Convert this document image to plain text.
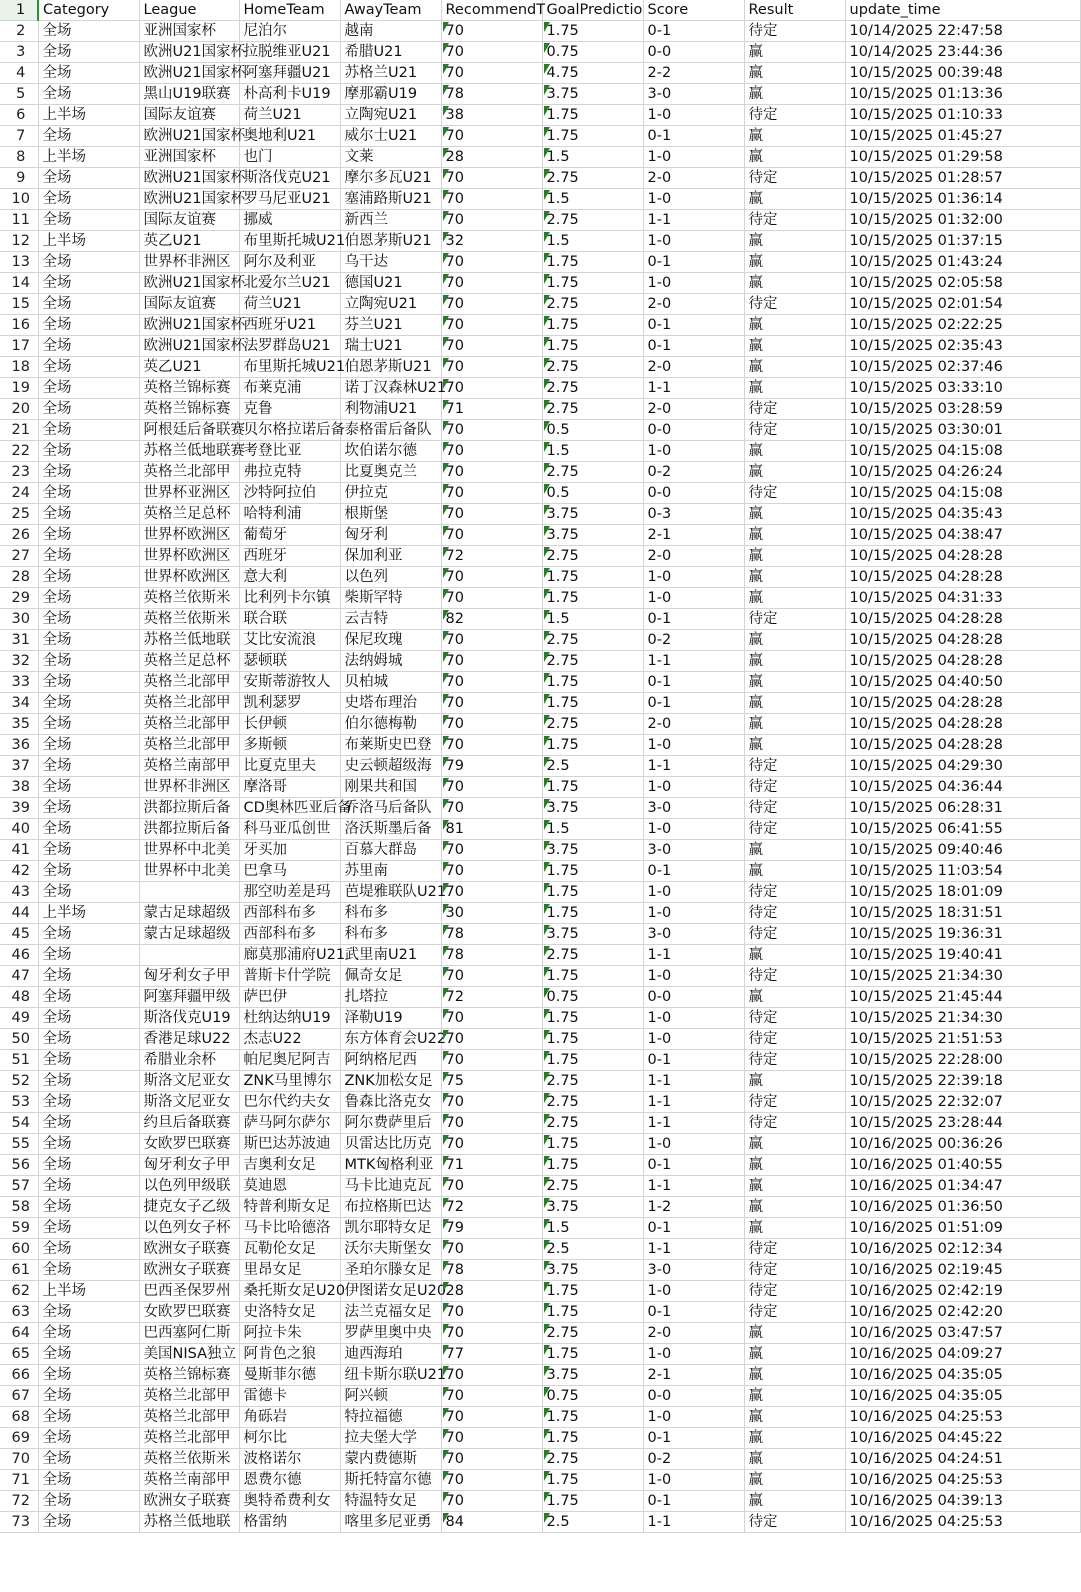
1	Category	League	HomeTeam	AwayTeam	RecommendT	GoalPredictio	Score	Result	update_time
2	全场	亚洲国家杯	尼泊尔	越南	70	1.75	0-1	待定	10/14/2025 22:47:58
3	全场	欧洲U21国家杯	拉脱维亚U21	希腊U21	70	0.75	0-0	赢	10/14/2025 23:44:36
4	全场	欧洲U21国家杯	阿塞拜疆U21	苏格兰U21	70	4.75	2-2	赢	10/15/2025 00:39:48
5	全场	黑山U19联赛	朴高利卡U19	摩那霸U19	78	3.75	3-0	赢	10/15/2025 01:13:36
6	上半场	国际友谊赛	荷兰U21	立陶宛U21	38	1.75	1-0	待定	10/15/2025 01:10:33
7	全场	欧洲U21国家杯	奥地利U21	威尔士U21	70	1.75	0-1	赢	10/15/2025 01:45:27
8	上半场	亚洲国家杯	也门	文莱	28	1.5	1-0	赢	10/15/2025 01:29:58
9	全场	欧洲U21国家杯	斯洛伐克U21	摩尔多瓦U21	70	2.75	2-0	待定	10/15/2025 01:28:57
10	全场	欧洲U21国家杯	罗马尼亚U21	塞浦路斯U21	70	1.5	1-0	赢	10/15/2025 01:36:14
11	全场	国际友谊赛	挪威	新西兰	70	2.75	1-1	待定	10/15/2025 01:32:00
12	上半场	英乙U21	布里斯托城U21	伯恩茅斯U21	32	1.5	1-0	赢	10/15/2025 01:37:15
13	全场	世界杯非洲区	阿尔及利亚	乌干达	70	1.75	0-1	赢	10/15/2025 01:43:24
14	全场	欧洲U21国家杯	北爱尔兰U21	德国U21	70	1.75	1-0	赢	10/15/2025 02:05:58
15	全场	国际友谊赛	荷兰U21	立陶宛U21	70	2.75	2-0	待定	10/15/2025 02:01:54
16	全场	欧洲U21国家杯	西班牙U21	芬兰U21	70	1.75	0-1	赢	10/15/2025 02:22:25
17	全场	欧洲U21国家杯	法罗群岛U21	瑞士U21	70	1.75	0-1	赢	10/15/2025 02:35:43
18	全场	英乙U21	布里斯托城U21	伯恩茅斯U21	70	2.75	2-0	赢	10/15/2025 02:37:46
19	全场	英格兰锦标赛	布莱克浦	诺丁汉森林U21	70	2.75	1-1	赢	10/15/2025 03:33:10
20	全场	英格兰锦标赛	克鲁	利物浦U21	71	2.75	2-0	待定	10/15/2025 03:28:59
21	全场	阿根廷后备联赛	贝尔格拉诺后备	泰格雷后备队	70	0.5	0-0	待定	10/15/2025 03:30:01
22	全场	苏格兰低地联赛	考登比亚	坎伯诺尔德	70	1.5	1-0	赢	10/15/2025 04:15:08
23	全场	英格兰北部甲	弗拉克特	比夏奥克兰	70	2.75	0-2	赢	10/15/2025 04:26:24
24	全场	世界杯亚洲区	沙特阿拉伯	伊拉克	70	0.5	0-0	待定	10/15/2025 04:15:08
25	全场	英格兰足总杯	哈特利浦	根斯堡	70	3.75	0-3	赢	10/15/2025 04:35:43
26	全场	世界杯欧洲区	葡萄牙	匈牙利	70	3.75	2-1	赢	10/15/2025 04:38:47
27	全场	世界杯欧洲区	西班牙	保加利亚	72	2.75	2-0	赢	10/15/2025 04:28:28
28	全场	世界杯欧洲区	意大利	以色列	70	1.75	1-0	赢	10/15/2025 04:28:28
29	全场	英格兰依斯米	比利列卡尔镇	柴斯罕特	70	1.75	1-0	赢	10/15/2025 04:31:33
30	全场	英格兰依斯米	联合联	云吉特	82	1.5	0-1	待定	10/15/2025 04:28:28
31	全场	苏格兰低地联	艾比安流浪	保尼玫瑰	70	2.75	0-2	赢	10/15/2025 04:28:28
32	全场	英格兰足总杯	瑟顿联	法纳姆城	70	2.75	1-1	赢	10/15/2025 04:28:28
33	全场	英格兰北部甲	安斯蒂游牧人	贝柏城	70	1.75	0-1	赢	10/15/2025 04:40:50
34	全场	英格兰北部甲	凯利瑟罗	史塔布理治	70	1.75	0-1	赢	10/15/2025 04:28:28
35	全场	英格兰北部甲	长伊顿	伯尔德梅勒	70	2.75	2-0	赢	10/15/2025 04:28:28
36	全场	英格兰北部甲	多斯顿	布莱斯史巴登	70	1.75	1-0	赢	10/15/2025 04:28:28
37	全场	英格兰南部甲	比夏克里夫	史云顿超级海	79	2.5	1-1	待定	10/15/2025 04:29:30
38	全场	世界杯非洲区	摩洛哥	刚果共和国	70	1.75	1-0	待定	10/15/2025 04:36:44
39	全场	洪都拉斯后备	CD奥林匹亚后备	乔洛马后备队	70	3.75	3-0	待定	10/15/2025 06:28:31
40	全场	洪都拉斯后备	科马亚瓜创世	洛沃斯墨后备	81	1.5	1-0	待定	10/15/2025 06:41:55
41	全场	世界杯中北美	牙买加	百慕大群岛	70	3.75	3-0	赢	10/15/2025 09:40:46
42	全场	世界杯中北美	巴拿马	苏里南	70	1.75	0-1	赢	10/15/2025 11:03:54
43	全场		那空叻差是玛	芭堤雅联队U21	70	1.75	1-0	待定	10/15/2025 18:01:09
44	上半场	蒙古足球超级	西部科布多	科布多	30	1.75	1-0	待定	10/15/2025 18:31:51
45	全场	蒙古足球超级	西部科布多	科布多	78	3.75	3-0	待定	10/15/2025 19:36:31
46	全场		廊莫那浦府U21	武里南U21	78	2.75	1-1	赢	10/15/2025 19:40:41
47	全场	匈牙利女子甲	普斯卡什学院	佩奇女足	70	1.75	1-0	待定	10/15/2025 21:34:30
48	全场	阿塞拜疆甲级	萨巴伊	扎塔拉	72	0.75	0-0	赢	10/15/2025 21:45:44
49	全场	斯洛伐克U19	杜纳达纳U19	泽勒U19	70	1.75	1-0	待定	10/15/2025 21:34:30
50	全场	香港足球U22	杰志U22	东方体育会U22	70	1.75	1-0	待定	10/15/2025 21:51:53
51	全场	希腊业余杯	帕尼奥尼阿吉	阿纳格尼西	70	1.75	0-1	待定	10/15/2025 22:28:00
52	全场	斯洛文尼亚女	ZNK马里博尔	ZNK加松女足	75	2.75	1-1	赢	10/15/2025 22:39:18
53	全场	斯洛文尼亚女	巴尔代约夫女	鲁森比洛克女	70	2.75	1-1	待定	10/15/2025 22:32:07
54	全场	约旦后备联赛	萨马阿尔萨尔	阿尔费萨里后	70	2.75	1-1	待定	10/15/2025 23:28:44
55	全场	女欧罗巴联赛	斯巴达苏波迪	贝雷达比历克	70	1.75	1-0	赢	10/16/2025 00:36:26
56	全场	匈牙利女子甲	吉奥利女足	MTK匈格利亚	71	1.75	0-1	赢	10/16/2025 01:40:55
57	全场	以色列甲级联	莫迪恩	马卡比迪克瓦	70	2.75	1-1	赢	10/16/2025 01:34:47
58	全场	捷克女子乙级	特普利斯女足	布拉格斯巴达	72	3.75	1-2	赢	10/16/2025 01:36:50
59	全场	以色列女子杯	马卡比哈德洛	凯尔耶特女足	79	1.5	0-1	赢	10/16/2025 01:51:09
60	全场	欧洲女子联赛	瓦勒伦女足	沃尔夫斯堡女	70	2.5	1-1	待定	10/16/2025 02:12:34
61	全场	欧洲女子联赛	里昂女足	圣珀尔滕女足	78	3.75	3-0	待定	10/16/2025 02:19:45
62	上半场	巴西圣保罗州	桑托斯女足U20	伊图诺女足U20	28	1.75	1-0	待定	10/16/2025 02:42:19
63	全场	女欧罗巴联赛	史洛特女足	法兰克福女足	70	1.75	0-1	待定	10/16/2025 02:42:20
64	全场	巴西塞阿仁斯	阿拉卡朱	罗萨里奥中央	70	2.75	2-0	赢	10/16/2025 03:47:57
65	全场	美国NISA独立	阿肯色之狼	迪西海珀	77	1.75	1-0	赢	10/16/2025 04:09:27
66	全场	英格兰锦标赛	曼斯菲尔德	纽卡斯尔联U21	70	3.75	2-1	赢	10/16/2025 04:35:05
67	全场	英格兰北部甲	雷德卡	阿兴顿	70	0.75	0-0	赢	10/16/2025 04:35:05
68	全场	英格兰北部甲	角砾岩	特拉福德	70	1.75	1-0	赢	10/16/2025 04:25:53
69	全场	英格兰北部甲	柯尔比	拉夫堡大学	70	1.75	0-1	赢	10/16/2025 04:45:22
70	全场	英格兰依斯米	波格诺尔	蒙内费德斯	70	2.75	0-2	赢	10/16/2025 04:24:51
71	全场	英格兰南部甲	恩费尔德	斯托特富尔德	70	1.75	1-0	赢	10/16/2025 04:25:53
72	全场	欧洲女子联赛	奥特希费利女	特温特女足	70	1.75	0-1	赢	10/16/2025 04:39:13
73	全场	苏格兰低地联	格雷纳	喀里多尼亚勇	84	2.5	1-1	待定	10/16/2025 04:25:53
